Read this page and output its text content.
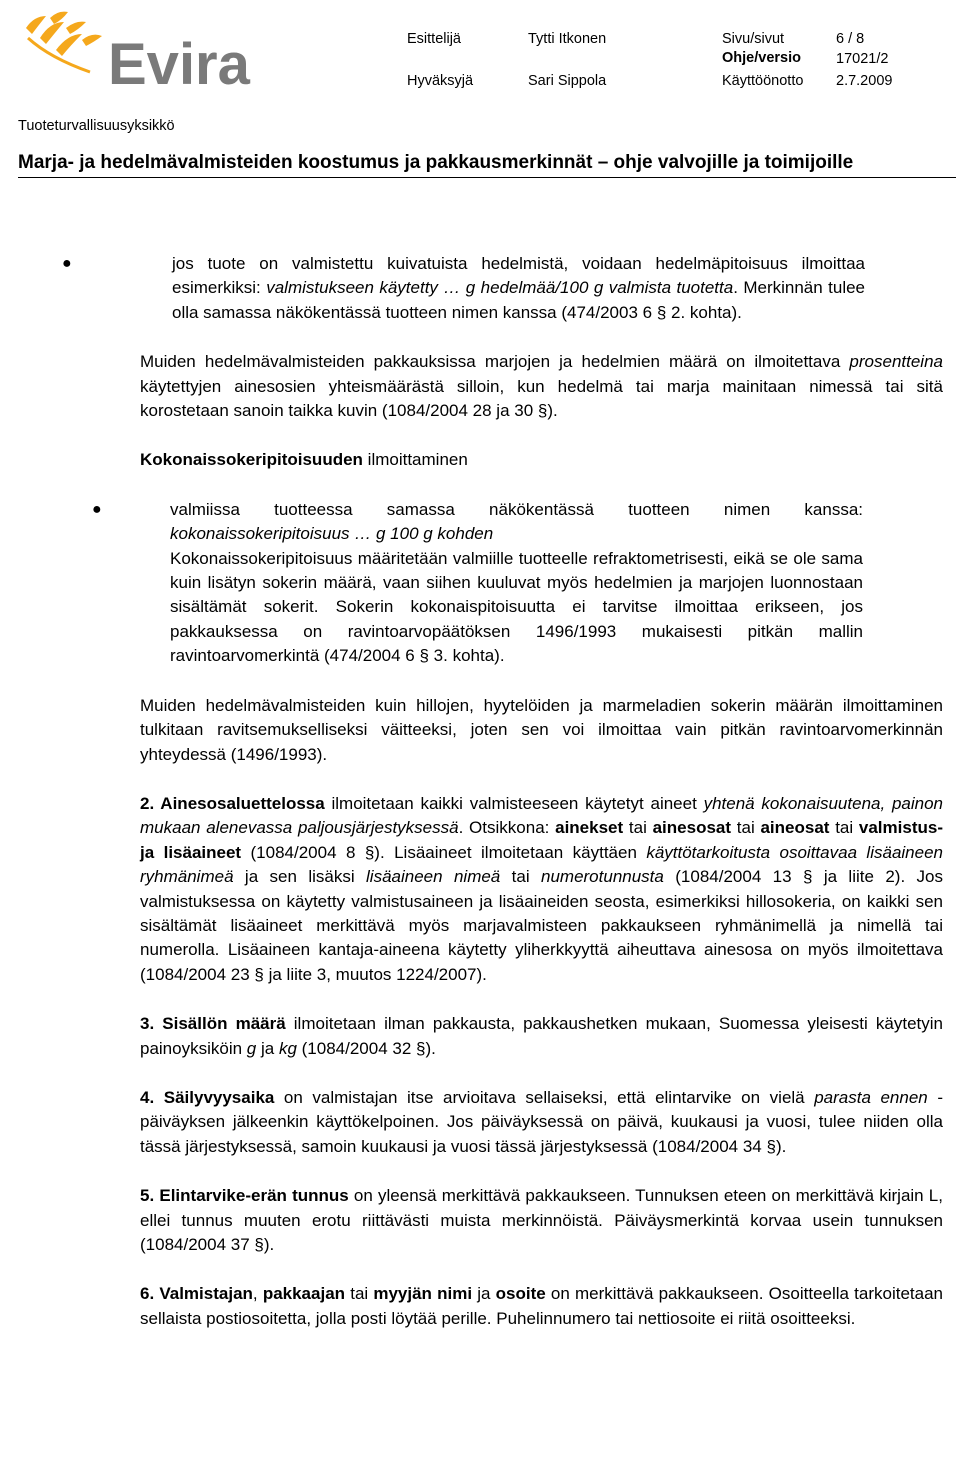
Evira	Esittelijä	Tytti Itkonen	Sivu/sivut	6 / 8
Ohje/versio 17021/2
Hyväksyjä	Sari Sippola	Käyttöönotto 2.7.2009
Tuoteturvallisuusyksikkö
Marja- ja hedelmävalmisteiden koostumus ja pakkausmerkinnät – ohje valvojille ja toimijoille
●	jos tuote on valmistettu kuivatuista hedelmistä, voidaan hedelmäpitoisuus ilmoittaa esimerkiksi: valmistukseen käytetty … g hedelmää/100 g valmista tuotetta. Merkinnän tulee olla samassa näkökentässä tuotteen nimen kanssa (474/2003 6 § 2. kohta).

Muiden hedelmävalmisteiden pakkauksissa marjojen ja hedelmien määrä on ilmoitettava prosentteina käytettyjen ainesosien yhteismäärästä silloin, kun hedelmä tai marja mainitaan nimessä tai sitä korostetaan sanoin taikka kuvin (1084/2004 28 ja 30 §).

Kokonaissokeripitoisuuden ilmoittaminen

●	valmiissa tuotteessa samassa näkökentässä tuotteen nimen kanssa: kokonaissokeripitoisuus … g 100 g kohden
Kokonaissokeripitoisuus määritetään valmiille tuotteelle refraktometrisesti, eikä se ole sama kuin lisätyn sokerin määrä, vaan siihen kuuluvat myös hedelmien ja marjojen luonnostaan sisältämät sokerit. Sokerin kokonaispitoisuutta ei tarvitse ilmoittaa erikseen, jos pakkauksessa on ravintoarvopäätöksen 1496/1993 mukaisesti pitkän mallin ravintoarvomerkintä (474/2004 6 § 3. kohta).

Muiden hedelmävalmisteiden kuin hillojen, hyytelöiden ja marmeladien sokerin määrän ilmoittaminen tulkitaan ravitsemukselliseksi väitteeksi, joten sen voi ilmoittaa vain pitkän ravintoarvomerkinnän yhteydessä (1496/1993).

2. Ainesosaluettelossa ilmoitetaan kaikki valmisteeseen käytetyt aineet yhtenä kokonaisuutena, painon mukaan alenevassa paljousjärjestyksessä. Otsikkona: ainekset tai ainesosat tai aineosat tai valmistus- ja lisäaineet (1084/2004 8 §). Lisäaineet ilmoitetaan käyttäen käyttötarkoitusta osoittavaa lisäaineen ryhmänimeä ja sen lisäksi lisäaineen nimeä tai numerotunnusta (1084/2004 13 § ja liite 2). Jos valmistuksessa on käytetty valmistusaineen ja lisäaineiden seosta, esimerkiksi hillosokeria, on kaikki sen sisältämät lisäaineet merkittävä myös marjavalmisteen pakkaukseen ryhmänimellä ja nimellä tai numerolla. Lisäaineen kantaja-aineena käytetty yliherkkyyttä aiheuttava ainesosa on myös ilmoitettava (1084/2004 23 § ja liite 3, muutos 1224/2007).

3. Sisällön määrä ilmoitetaan ilman pakkausta, pakkaushetken mukaan, Suomessa yleisesti käytetyin painoyksiköin g ja kg (1084/2004 32 §).

4. Säilyvyysaika on valmistajan itse arvioitava sellaiseksi, että elintarvike on vielä parasta ennen -päiväyksen jälkeenkin käyttökelpoinen. Jos päiväyksessä on päivä, kuukausi ja vuosi, tulee niiden olla tässä järjestyksessä, samoin kuukausi ja vuosi tässä järjestyksessä (1084/2004 34 §).

5. Elintarvike-erän tunnus on yleensä merkittävä pakkaukseen. Tunnuksen eteen on merkittävä kirjain L, ellei tunnus muuten erotu riittävästi muista merkinnöistä. Päiväysmerkintä korvaa usein tunnuksen (1084/2004 37 §).

6. Valmistajan, pakkaajan tai myyjän nimi ja osoite on merkittävä pakkaukseen. Osoitteella tarkoitetaan sellaista postiosoitetta, jolla posti löytää perille. Puhelinnumero tai nettiosoite ei riitä osoitteeksi.
